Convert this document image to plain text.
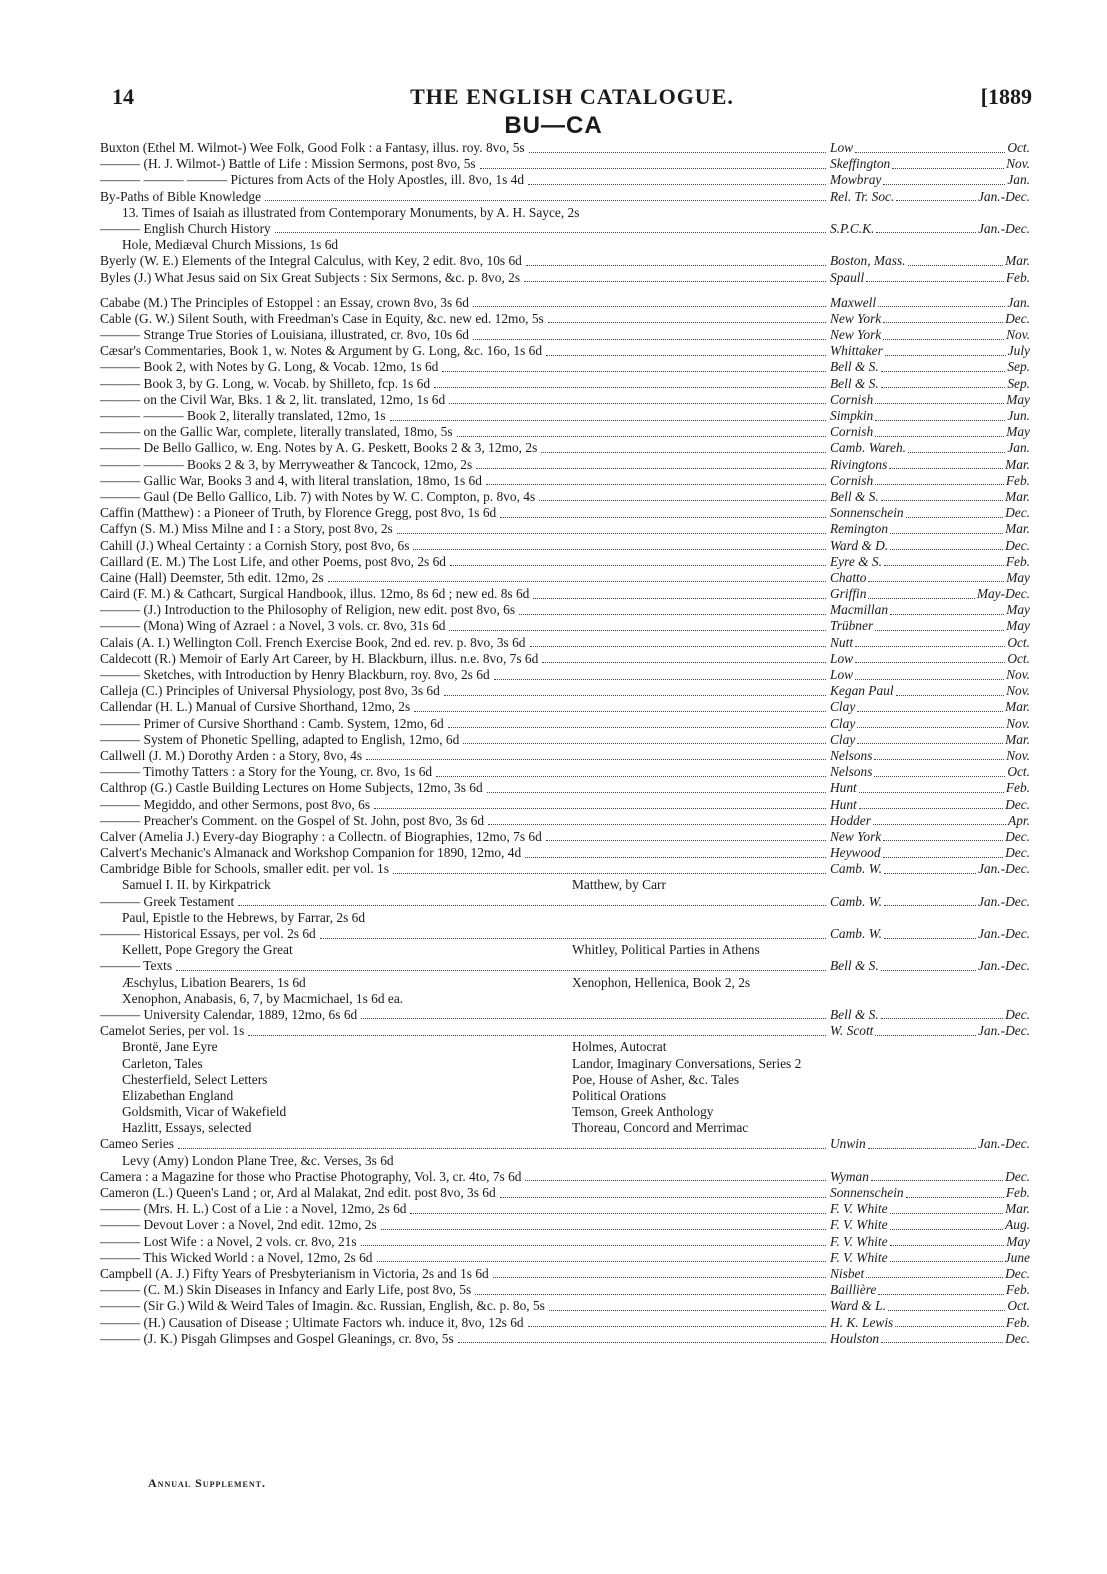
14	THE ENGLISH CATALOGUE.	[1889
BU—CA
Buxton (Ethel M. Wilmot-) Wee Folk, Good Folk : a Fantasy, illus. roy. 8vo, 5s	Low	Oct.
——— (H. J. Wilmot-) Battle of Life : Mission Sermons, post 8vo, 5s	Skeffington	Nov.
——— ——— ——— Pictures from Acts of the Holy Apostles, ill. 8vo, 1s 4d	Mowbray	Jan.
By-Paths of Bible Knowledge	Rel. Tr. Soc.	Jan.-Dec.
13. Times of Isaiah as illustrated from Contemporary Monuments, by A. H. Sayce, 2s
——— English Church History	S.P.C.K.	Jan.-Dec.
Hole, Mediæval Church Missions, 1s 6d
Byerly (W. E.) Elements of the Integral Calculus, with Key, 2 edit. 8vo, 10s 6d	Boston, Mass.	Mar.
Byles (J.) What Jesus said on Six Great Subjects : Six Sermons, &c. p. 8vo, 2s	Spaull	Feb.
Cababe (M.) The Principles of Estoppel : an Essay, crown 8vo, 3s 6d	Maxwell	Jan.
Cable (G. W.) Silent South, with Freedman's Case in Equity, &c. new ed. 12mo, 5s	New York	Dec.
——— Strange True Stories of Louisiana, illustrated, cr. 8vo, 10s 6d	New York	Nov.
Cæsar's Commentaries, Book 1, w. Notes & Argument by G. Long, &c. 16o, 1s 6d	Whittaker	July
——— Book 2, with Notes by G. Long, & Vocab. 12mo, 1s 6d	Bell & S.	Sep.
——— Book 3, by G. Long, w. Vocab. by Shilleto, fcp. 1s 6d	Bell & S.	Sep.
——— on the Civil War, Bks. 1 & 2, lit. translated, 12mo, 1s 6d	Cornish	May
——— ——— Book 2, literally translated, 12mo, 1s	Simpkin	Jun.
——— on the Gallic War, complete, literally translated, 18mo, 5s	Cornish	May
——— De Bello Gallico, w. Eng. Notes by A. G. Peskett, Books 2 & 3, 12mo, 2s	Camb. Wareh.	Jan.
——— ——— Books 2 & 3, by Merryweather & Tancock, 12mo, 2s	Rivingtons	Mar.
——— Gallic War, Books 3 and 4, with literal translation, 18mo, 1s 6d	Cornish	Feb.
——— Gaul (De Bello Gallico, Lib. 7) with Notes by W. C. Compton, p. 8vo, 4s	Bell & S.	Mar.
Caffin (Matthew) : a Pioneer of Truth, by Florence Gregg, post 8vo, 1s 6d	Sonnenschein	Dec.
Caffyn (S. M.) Miss Milne and I : a Story, post 8vo, 2s	Remington	Mar.
Cahill (J.) Wheal Certainty : a Cornish Story, post 8vo, 6s	Ward & D.	Dec.
Caillard (E. M.) The Lost Life, and other Poems, post 8vo, 2s 6d	Eyre & S.	Feb.
Caine (Hall) Deemster, 5th edit. 12mo, 2s	Chatto	May
Caird (F. M.) & Cathcart, Surgical Handbook, illus. 12mo, 8s 6d ; new ed. 8s 6d	Griffin	May-Dec.
——— (J.) Introduction to the Philosophy of Religion, new edit. post 8vo, 6s	Macmillan	May
——— (Mona) Wing of Azrael : a Novel, 3 vols. cr. 8vo, 31s 6d	Trübner	May
Calais (A. I.) Wellington Coll. French Exercise Book, 2nd ed. rev. p. 8vo, 3s 6d	Nutt	Oct.
Caldecott (R.) Memoir of Early Art Career, by H. Blackburn, illus. n.e. 8vo, 7s 6d	Low	Oct.
——— Sketches, with Introduction by Henry Blackburn, roy. 8vo, 2s 6d	Low	Nov.
Calleja (C.) Principles of Universal Physiology, post 8vo, 3s 6d	Kegan Paul	Nov.
Callendar (H. L.) Manual of Cursive Shorthand, 12mo, 2s	Clay	Mar.
——— Primer of Cursive Shorthand : Camb. System, 12mo, 6d	Clay	Nov.
——— System of Phonetic Spelling, adapted to English, 12mo, 6d	Clay	Mar.
Callwell (J. M.) Dorothy Arden : a Story, 8vo, 4s	Nelsons	Nov.
——— Timothy Tatters : a Story for the Young, cr. 8vo, 1s 6d	Nelsons	Oct.
Calthrop (G.) Castle Building Lectures on Home Subjects, 12mo, 3s 6d	Hunt	Feb.
——— Megiddo, and other Sermons, post 8vo, 6s	Hunt	Dec.
——— Preacher's Comment. on the Gospel of St. John, post 8vo, 3s 6d	Hodder	Apr.
Calver (Amelia J.) Every-day Biography : a Collectn. of Biographies, 12mo, 7s 6d	New York	Dec.
Calvert's Mechanic's Almanack and Workshop Companion for 1890, 12mo, 4d	Heywood	Dec.
Cambridge Bible for Schools, smaller edit. per vol. 1s	Camb. W.	Jan.-Dec.
Samuel I. II. by Kirkpatrick	Matthew, by Carr
——— Greek Testament	Camb. W.	Jan.-Dec.
Paul, Epistle to the Hebrews, by Farrar, 2s 6d
——— Historical Essays, per vol. 2s 6d	Camb. W.	Jan.-Dec.
Kellett, Pope Gregory the Great	Whitley, Political Parties in Athens
——— Texts	Bell & S.	Jan.-Dec.
Æschylus, Libation Bearers, 1s 6d	Xenophon, Hellenica, Book 2, 2s
Xenophon, Anabasis, 6, 7, by Macmichael, 1s 6d ea.
——— University Calendar, 1889, 12mo, 6s 6d	Bell & S.	Dec.
Camelot Series, per vol. 1s	W. Scott	Jan.-Dec.
Brontë, Jane Eyre	Holmes, Autocrat
Carleton, Tales	Landor, Imaginary Conversations, Series 2
Chesterfield, Select Letters	Poe, House of Asher, &c. Tales
Elizabethan England	Political Orations
Goldsmith, Vicar of Wakefield	Temson, Greek Anthology
Hazlitt, Essays, selected	Thoreau, Concord and Merrimac
Cameo Series	Unwin	Jan.-Dec.
Levy (Amy) London Plane Tree, &c. Verses, 3s 6d
Camera : a Magazine for those who Practise Photography, Vol. 3, cr. 4to, 7s 6d	Wyman	Dec.
Cameron (L.) Queen's Land ; or, Ard al Malakat, 2nd edit. post 8vo, 3s 6d	Sonnenschein	Feb.
——— (Mrs. H. L.) Cost of a Lie : a Novel, 12mo, 2s 6d	F. V. White	Mar.
——— Devout Lover : a Novel, 2nd edit. 12mo, 2s	F. V. White	Aug.
——— Lost Wife : a Novel, 2 vols. cr. 8vo, 21s	F. V. White	May
——— This Wicked World : a Novel, 12mo, 2s 6d	F. V. White	June
Campbell (A. J.) Fifty Years of Presbyterianism in Victoria, 2s and 1s 6d	Nisbet	Dec.
——— (C. M.) Skin Diseases in Infancy and Early Life, post 8vo, 5s	Baillière	Feb.
——— (Sir G.) Wild & Weird Tales of Imagin. &c. Russian, English, &c. p. 8o, 5s	Ward & L.	Oct.
——— (H.) Causation of Disease ; Ultimate Factors wh. induce it, 8vo, 12s 6d	H. K. Lewis	Feb.
——— (J. K.) Pisgah Glimpses and Gospel Gleanings, cr. 8vo, 5s	Houlston	Dec.
Annual Supplement.
